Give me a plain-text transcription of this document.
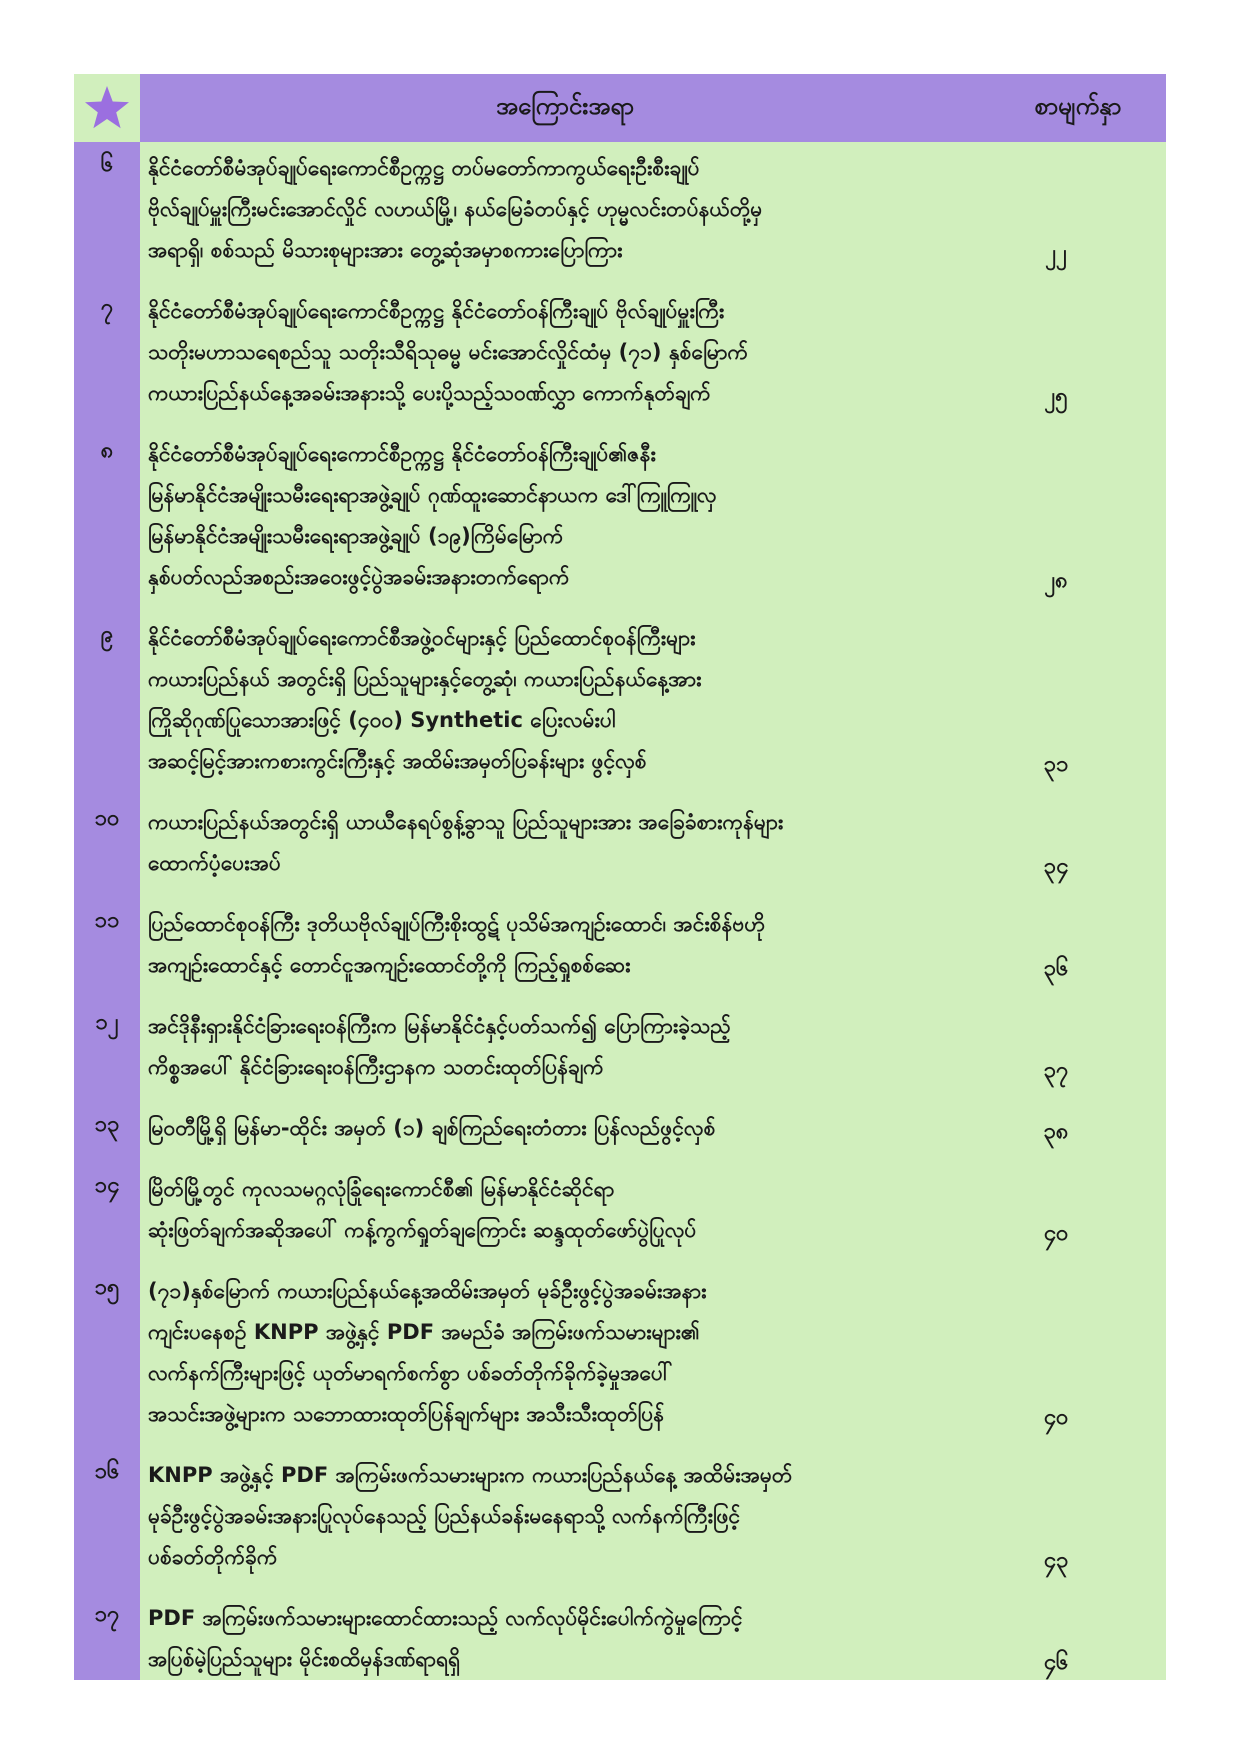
အကြောင်းအရာ	စာမျက်နှာ
၆	နိုင်ငံတော်စီမံအုပ်ချုပ်ရေးကောင်စီဥက္ကဋ္ဌ တပ်မတော်ကာကွယ်ရေးဦးစီးချုပ်
ဗိုလ်ချုပ်မှူးကြီးမင်းအောင်လှိုင် လဟယ်မြို့၊ နယ်မြေခံတပ်နှင့် ဟုမ္မလင်းတပ်နယ်တို့မှ
အရာရှိ၊ စစ်သည် မိသားစုများအား တွေ့ဆုံအမှာစကားပြောကြား	၂၂
၇	နိုင်ငံတော်စီမံအုပ်ချုပ်ရေးကောင်စီဥက္ကဋ္ဌ နိုင်ငံတော်ဝန်ကြီးချုပ် ဗိုလ်ချုပ်မှူးကြီး
သတိုးမဟာသရေစည်သူ သတိုးသီရိသုဓမ္မ မင်းအောင်လှိုင်ထံမှ (၇၁) နှစ်မြောက်
ကယားပြည်နယ်နေ့အခမ်းအနားသို့ ပေးပို့သည့်သဝဏ်လွှာ ကောက်နုတ်ချက်	၂၅
၈	နိုင်ငံတော်စီမံအုပ်ချုပ်ရေးကောင်စီဥက္ကဋ္ဌ နိုင်ငံတော်ဝန်ကြီးချုပ်၏ဇနီး
မြန်မာနိုင်ငံအမျိုးသမီးရေးရာအဖွဲ့ချုပ် ဂုဏ်ထူးဆောင်နာယက ဒေါ်ကြူကြူလှ
မြန်မာနိုင်ငံအမျိုးသမီးရေးရာအဖွဲ့ချုပ် (၁၉)ကြိမ်မြောက်
နှစ်ပတ်လည်အစည်းအဝေးဖွင့်ပွဲအခမ်းအနားတက်ရောက်	၂၈
၉	နိုင်ငံတော်စီမံအုပ်ချုပ်ရေးကောင်စီအဖွဲ့ဝင်များနှင့် ပြည်ထောင်စုဝန်ကြီးများ
ကယားပြည်နယ် အတွင်းရှိ ပြည်သူများနှင့်တွေ့ဆုံ၊ ကယားပြည်နယ်နေ့အား
ကြိုဆိုဂုဏ်ပြုသောအားဖြင့် (၄၀၀) Synthetic ပြေးလမ်းပါ
အဆင့်မြင့်အားကစားကွင်းကြီးနှင့် အထိမ်းအမှတ်ပြခန်းများ ဖွင့်လှစ်	၃၁
၁၀	ကယားပြည်နယ်အတွင်းရှိ ယာယီနေရပ်စွန့်ခွာသူ ပြည်သူများအား အခြေခံစားကုန်များ
ထောက်ပံ့ပေးအပ်	၃၄
၁၁	ပြည်ထောင်စုဝန်ကြီး ဒုတိယဗိုလ်ချုပ်ကြီးစိုးထွဋ် ပုသိမ်အကျဉ်းထောင်၊ အင်းစိန်ဗဟို
အကျဉ်းထောင်နှင့် တောင်ငူအကျဉ်းထောင်တို့ကို ကြည့်ရှုစစ်ဆေး	၃၆
၁၂	အင်ဒိုနီးရှားနိုင်ငံခြားရေးဝန်ကြီးက မြန်မာနိုင်ငံနှင့်ပတ်သက်၍ ပြောကြားခဲ့သည့်
ကိစ္စအပေါ် နိုင်ငံခြားရေးဝန်ကြီးဌာနက သတင်းထုတ်ပြန်ချက်	၃၇
၁၃	မြဝတီမြို့ရှိ မြန်မာ-ထိုင်း အမှတ် (၁) ချစ်ကြည်ရေးတံတား ပြန်လည်ဖွင့်လှစ်	၃၈
၁၄	မြိတ်မြို့တွင် ကုလသမဂ္ဂလုံခြုံရေးကောင်စီ၏ မြန်မာနိုင်ငံဆိုင်ရာ
ဆုံးဖြတ်ချက်အဆိုအပေါ် ကန့်ကွက်ရှုတ်ချကြောင်း ဆန္ဒထုတ်ဖော်ပွဲပြုလုပ်	၄၀
၁၅	(၇၁)နှစ်မြောက် ကယားပြည်နယ်နေ့အထိမ်းအမှတ် မုခ်ဦးဖွင့်ပွဲအခမ်းအနား
ကျင်းပနေစဉ် KNPP အဖွဲ့နှင့် PDF အမည်ခံ အကြမ်းဖက်သမားများ၏
လက်နက်ကြီးများဖြင့် ယုတ်မာရက်စက်စွာ ပစ်ခတ်တိုက်ခိုက်ခဲ့မှုအပေါ်
အသင်းအဖွဲ့များက သဘောထားထုတ်ပြန်ချက်များ အသီးသီးထုတ်ပြန်	၄၀
၁၆	KNPP အဖွဲ့နှင့် PDF အကြမ်းဖက်သမားများက ကယားပြည်နယ်နေ့ အထိမ်းအမှတ်
မုခ်ဦးဖွင့်ပွဲအခမ်းအနားပြုလုပ်နေသည့် ပြည်နယ်ခန်းမနေရာသို့ လက်နက်ကြီးဖြင့်
ပစ်ခတ်တိုက်ခိုက်	၄၃
၁၇	PDF အကြမ်းဖက်သမားများထောင်ထားသည့် လက်လုပ်မိုင်းပေါက်ကွဲမှုကြောင့်
အပြစ်မဲ့ပြည်သူများ မိုင်းစထိမှန်ဒဏ်ရာရရှိ	၄၆
